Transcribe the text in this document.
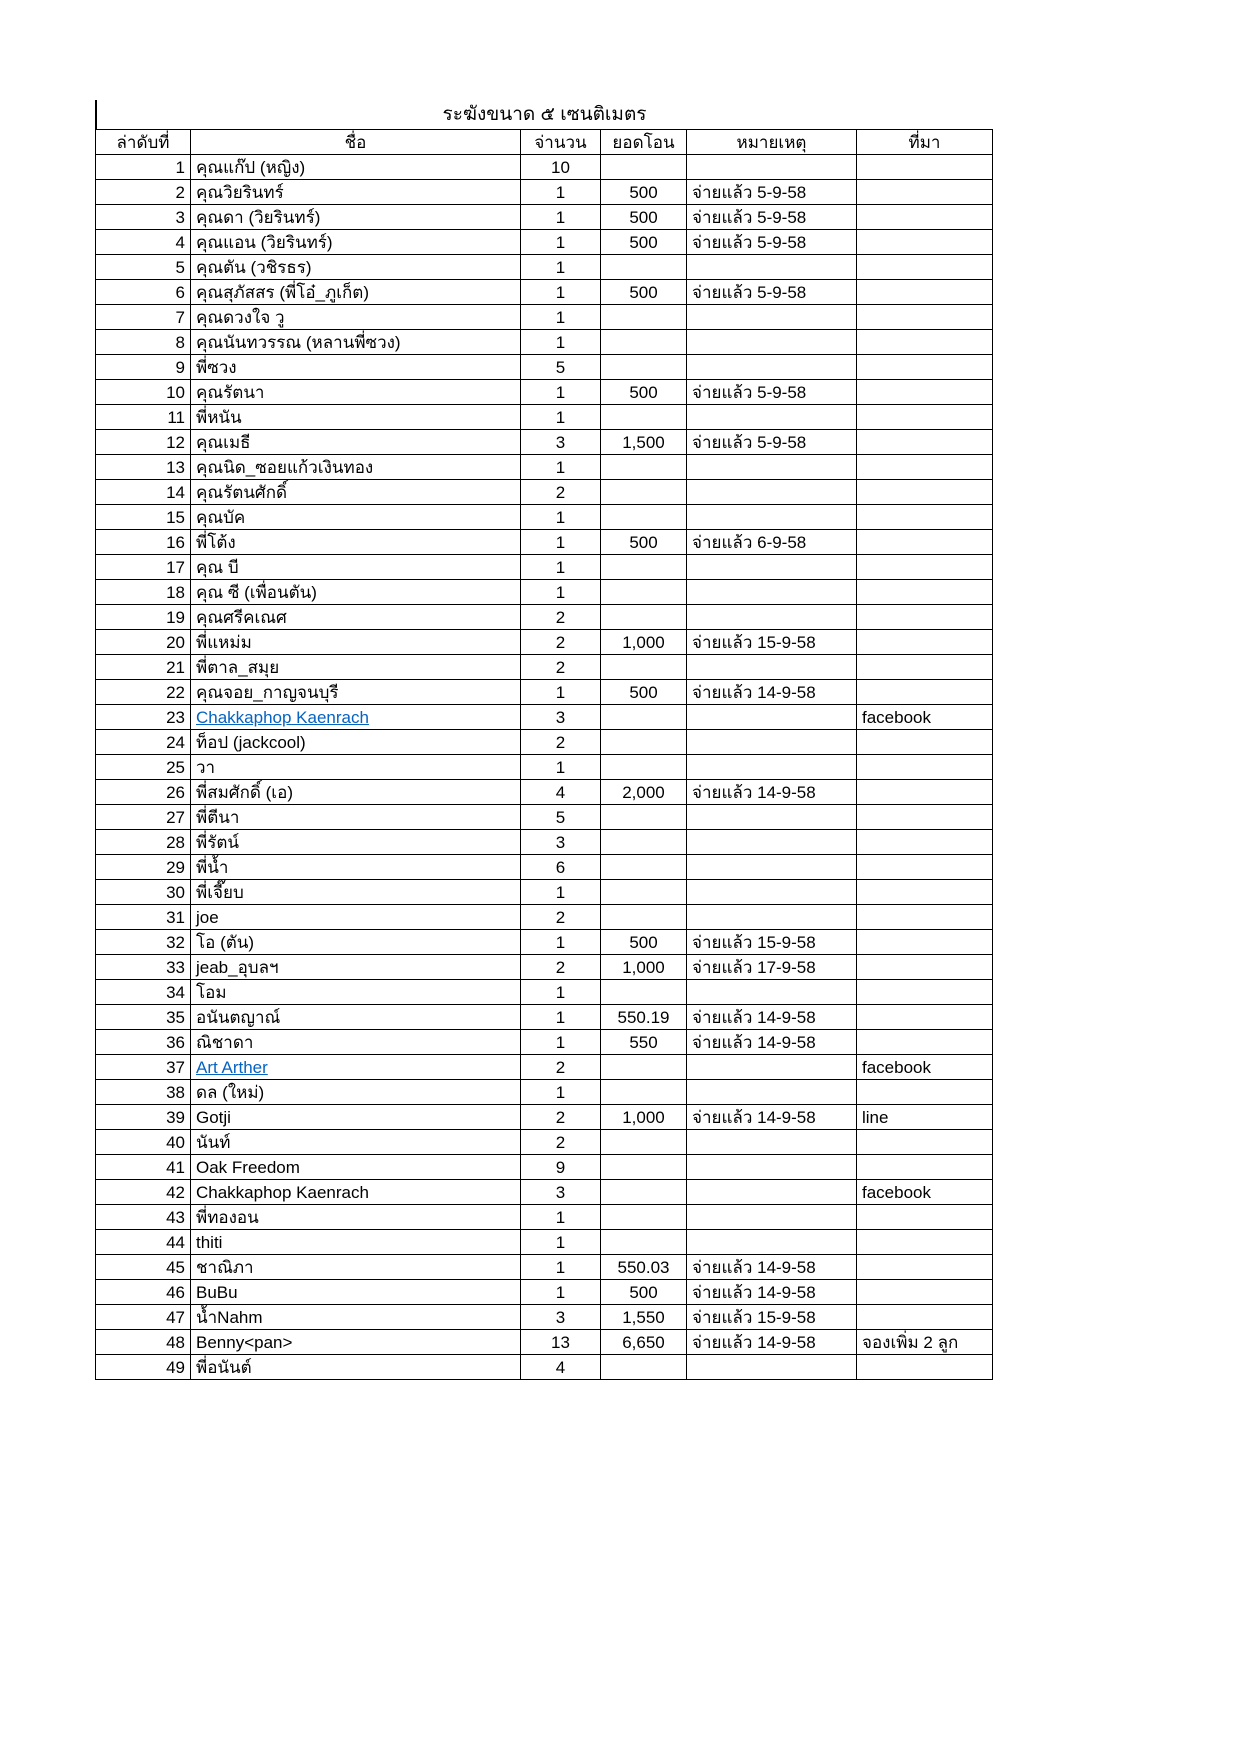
ระฆังขนาด ๕ เซนติเมตร
ล่าดับที่	ชื่อ	จ่านวน	ยอดโอน	หมายเหตุ	ที่มา
1	คุณแก๊ป (หญิง)	10			
2	คุณวิยรินทร์	1	500	จ่ายแล้ว 5-9-58	
3	คุณดา (วิยรินทร์)	1	500	จ่ายแล้ว 5-9-58	
4	คุณแอน (วิยรินทร์)	1	500	จ่ายแล้ว 5-9-58	
5	คุณตัน (วชิรธร)	1			
6	คุณสุภัสสร (พี่โอ๋_ภูเก็ต)	1	500	จ่ายแล้ว 5-9-58	
7	คุณดวงใจ วู	1			
8	คุณนันทวรรณ (หลานพี่ซวง)	1			
9	พี่ซวง	5			
10	คุณรัตนา	1	500	จ่ายแล้ว 5-9-58	
11	พี่หนัน	1			
12	คุณเมธี	3	1,500	จ่ายแล้ว 5-9-58	
13	คุณนิด_ซอยแก้วเงินทอง	1			
14	คุณรัตนศักดิ์	2			
15	คุณบัค	1			
16	พี่โต้ง	1	500	จ่ายแล้ว 6-9-58	
17	คุณ บี	1			
18	คุณ ซี (เพื่อนตัน)	1			
19	คุณศรีคเณศ	2			
20	พี่แหม่ม	2	1,000	จ่ายแล้ว 15-9-58	
21	พี่ตาล_สมุย	2			
22	คุณจอย_กาญจนบุรี	1	500	จ่ายแล้ว 14-9-58	
23	Chakkaphop Kaenrach	3			facebook
24	ท็อป (jackcool)	2			
25	วา	1			
26	พี่สมศักดิ์ (เอ)	4	2,000	จ่ายแล้ว 14-9-58	
27	พี่ตีนา	5			
28	พี่รัตน์	3			
29	พี่น้ำ	6			
30	พี่เจี๊ยบ	1			
31	joe	2			
32	โอ (ตัน)	1	500	จ่ายแล้ว 15-9-58	
33	jeab_อุบลฯ	2	1,000	จ่ายแล้ว 17-9-58	
34	โอม	1			
35	อนันตญาณ์	1	550.19	จ่ายแล้ว 14-9-58	
36	ณิชาดา	1	550	จ่ายแล้ว 14-9-58	
37	Art Arther	2			facebook
38	ดล (ใหม่)	1			
39	Gotji	2	1,000	จ่ายแล้ว 14-9-58	line
40	นันท์	2			
41	Oak Freedom	9			
42	Chakkaphop Kaenrach	3			facebook
43	พี่ทองอน	1			
44	thiti	1			
45	ชาณิภา	1	550.03	จ่ายแล้ว 14-9-58	
46	BuBu	1	500	จ่ายแล้ว 14-9-58	
47	น้ำNahm	3	1,550	จ่ายแล้ว 15-9-58	
48	Benny<pan>	13	6,650	จ่ายแล้ว 14-9-58	จองเพิ่ม 2 ลูก
49	พี่อนันต์	4			
